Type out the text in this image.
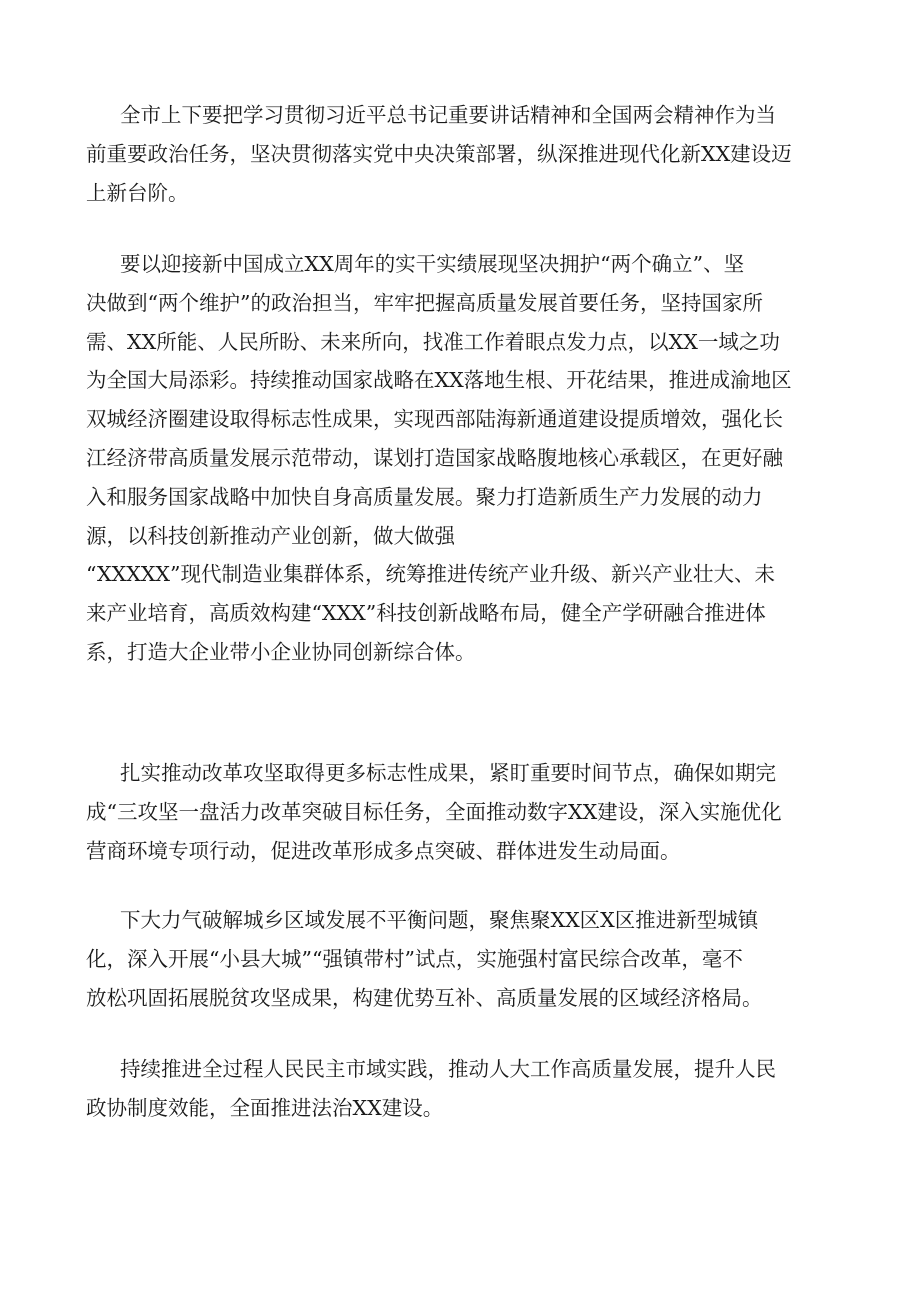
全市上下要把学习贯彻习近平总书记重要讲话精神和全国两会精神作为当
前重要政治任务，坚决贯彻落实党中央决策部署，纵深推进现代化新XX建设迈
上新台阶。
要以迎接新中国成立XX周年的实干实绩展现坚决拥护“两个确立”、坚
决做到“两个维护”的政治担当，牢牢把握高质量发展首要任务，坚持国家所
需、XX所能、人民所盼、未来所向，找准工作着眼点发力点，以XX一域之功
为全国大局添彩。持续推动国家战略在XX落地生根、开花结果，推进成渝地区
双城经济圈建设取得标志性成果，实现西部陆海新通道建设提质增效，强化长
江经济带高质量发展示范带动，谋划打造国家战略腹地核心承载区，在更好融
入和服务国家战略中加快自身高质量发展。聚力打造新质生产力发展的动力
源，以科技创新推动产业创新，做大做强
“XXXXX”现代制造业集群体系，统筹推进传统产业升级、新兴产业壮大、未
来产业培育，高质效构建“XXX”科技创新战略布局，健全产学研融合推进体
系，打造大企业带小企业协同创新综合体。
扎实推动改革攻坚取得更多标志性成果，紧盯重要时间节点，确保如期完
成“三攻坚一盘活力改革突破目标任务，全面推动数字XX建设，深入实施优化
营商环境专项行动，促进改革形成多点突破、群体进发生动局面。
下大力气破解城乡区域发展不平衡问题，聚焦聚XX区X区推进新型城镇
化，深入开展“小县大城”“强镇带村”试点，实施强村富民综合改革，毫不
放松巩固拓展脱贫攻坚成果，构建优势互补、高质量发展的区域经济格局。
持续推进全过程人民民主市域实践，推动人大工作高质量发展，提升人民
政协制度效能，全面推进法治XX建设。
